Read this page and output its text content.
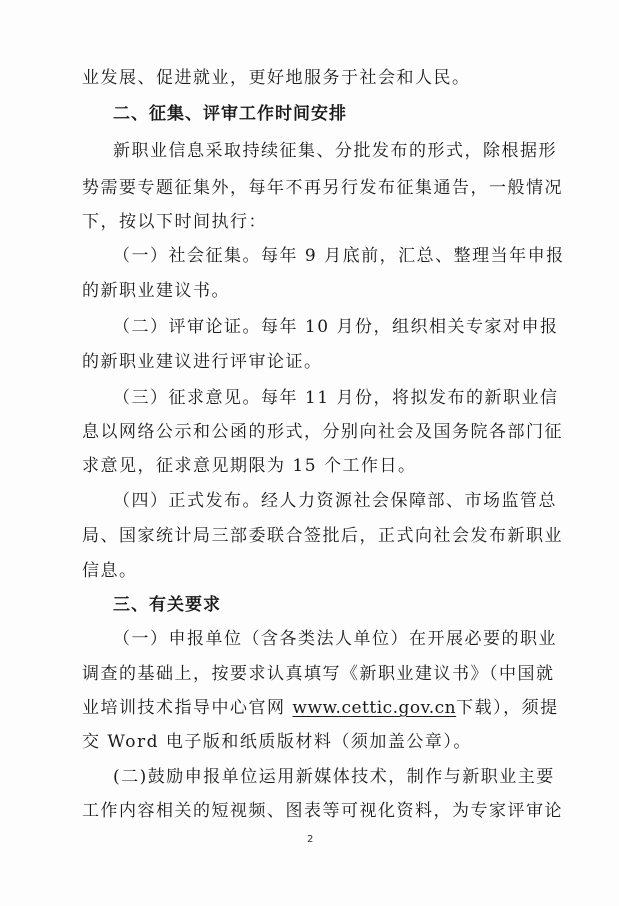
业发展、促进就业，更好地服务于社会和人民。
二、征集、评审工作时间安排
新职业信息采取持续征集、分批发布的形式，除根据形
势需要专题征集外，每年不再另行发布征集通告，一般情况
下，按以下时间执行：
（一）社会征集。每年 9 月底前，汇总、整理当年申报
的新职业建议书。
（二）评审论证。每年 10 月份，组织相关专家对申报
的新职业建议进行评审论证。
（三）征求意见。每年 11 月份，将拟发布的新职业信
息以网络公示和公函的形式，分别向社会及国务院各部门征
求意见，征求意见期限为 15 个工作日。
（四）正式发布。经人力资源社会保障部、市场监管总
局、国家统计局三部委联合签批后，正式向社会发布新职业
信息。
三、有关要求
（一）申报单位（含各类法人单位）在开展必要的职业
调查的基础上，按要求认真填写《新职业建议书》（中国就
业培训技术指导中心官网 www.cettic.gov.cn下载），须提
交 Word 电子版和纸质版材料（须加盖公章）。
(二)鼓励申报单位运用新媒体技术，制作与新职业主要
工作内容相关的短视频、图表等可视化资料，为专家评审论
2
